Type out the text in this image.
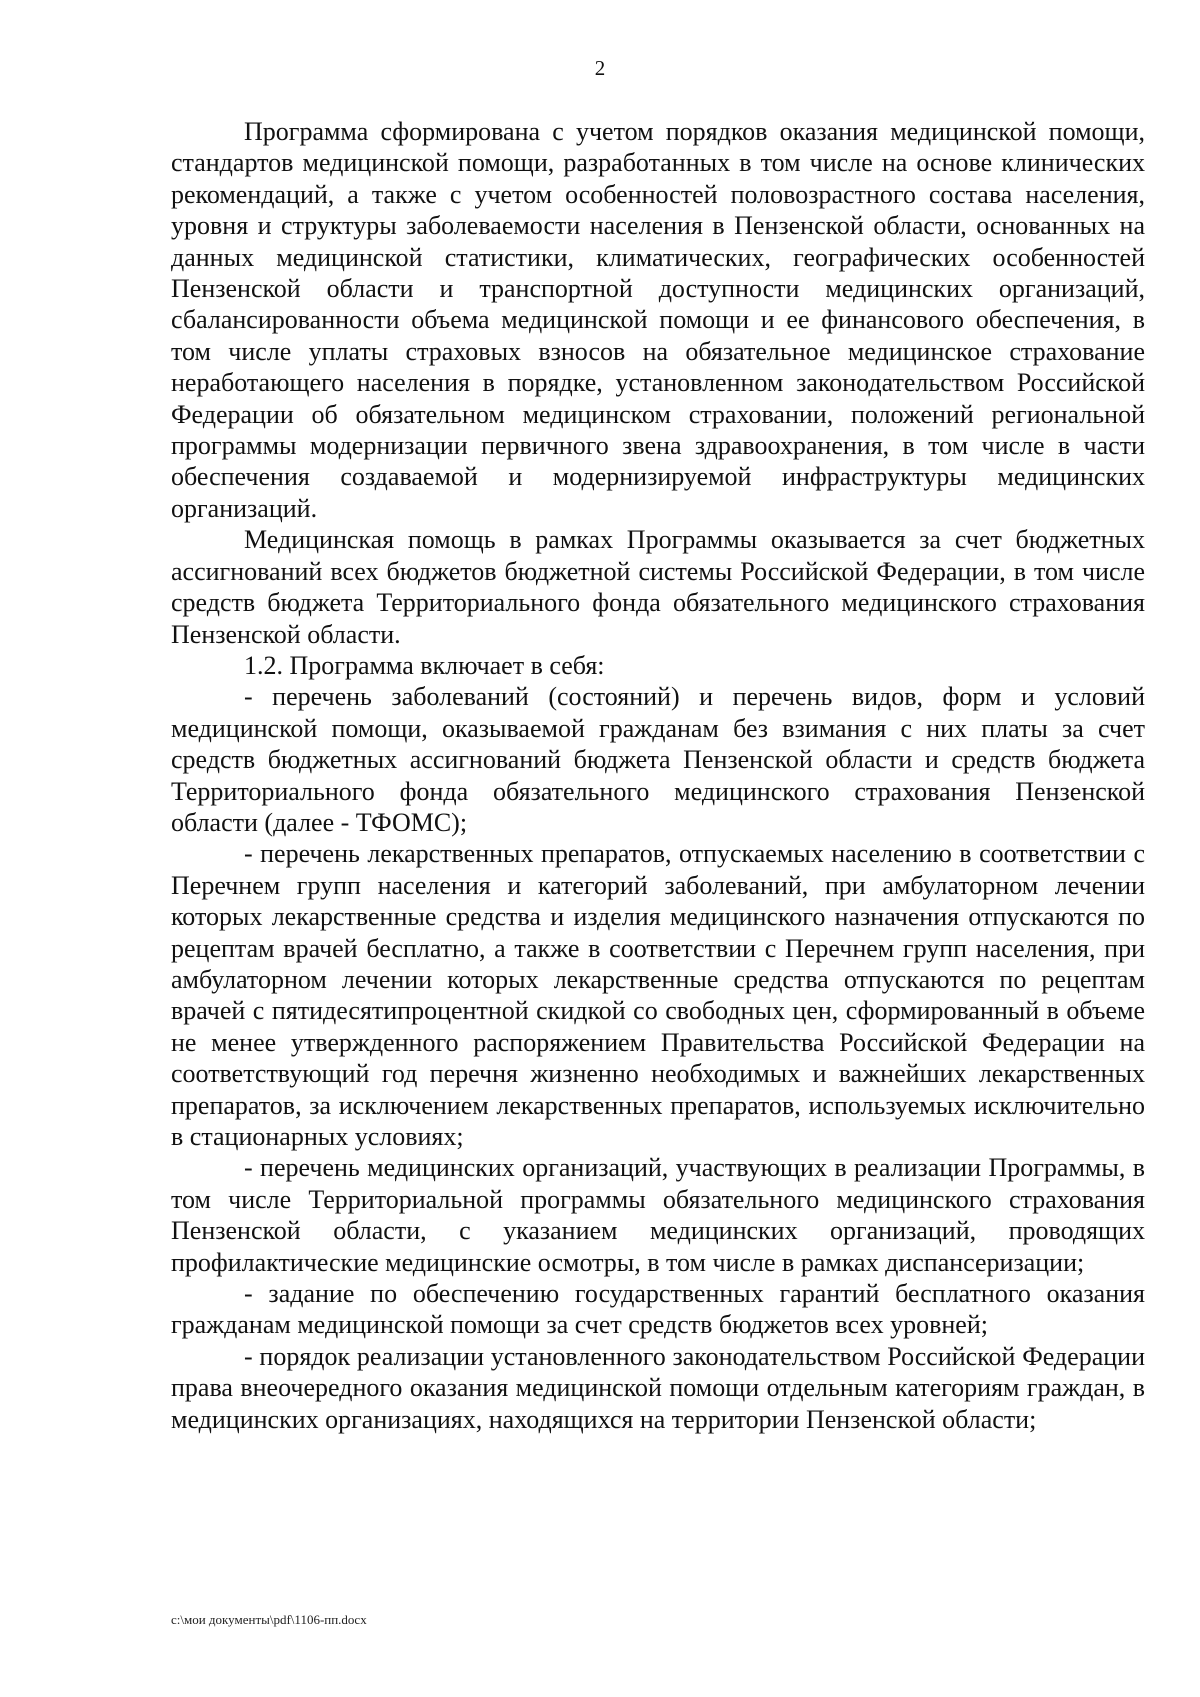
2

Программа сформирована с учетом порядков оказания медицинской помощи, стандартов медицинской помощи, разработанных в том числе на основе клинических рекомендаций, а также с учетом особенностей половозрастного состава населения, уровня и структуры заболеваемости населения в Пензенской области, основанных на данных медицинской статистики, климатических, географических особенностей Пензенской области и транспортной доступности медицинских организаций, сбалансированности объема медицинской помощи и ее финансового обеспечения, в том числе уплаты страховых взносов на обязательное медицинское страхование неработающего населения в порядке, установленном законодательством Российской Федерации об обязательном медицинском страховании, положений региональной программы модернизации первичного звена здравоохранения, в том числе в части обеспечения создаваемой и модернизируемой инфраструктуры медицинских организаций.

Медицинская помощь в рамках Программы оказывается за счет бюджетных ассигнований всех бюджетов бюджетной системы Российской Федерации, в том числе средств бюджета Территориального фонда обязательного медицинского страхования Пензенской области.

1.2. Программа включает в себя:

- перечень заболеваний (состояний) и перечень видов, форм и условий медицинской помощи, оказываемой гражданам без взимания с них платы за счет средств бюджетных ассигнований бюджета Пензенской области и средств бюджета Территориального фонда обязательного медицинского страхования Пензенской области (далее - ТФОМС);

- перечень лекарственных препаратов, отпускаемых населению в соответствии с Перечнем групп населения и категорий заболеваний, при амбулаторном лечении которых лекарственные средства и изделия медицинского назначения отпускаются по рецептам врачей бесплатно, а также в соответствии с Перечнем групп населения, при амбулаторном лечении которых лекарственные средства отпускаются по рецептам врачей с пятидесятипроцентной скидкой со свободных цен, сформированный в объеме не менее утвержденного распоряжением Правительства Российской Федерации на соответствующий год перечня жизненно необходимых и важнейших лекарственных препаратов, за исключением лекарственных препаратов, используемых исключительно в стационарных условиях;

- перечень медицинских организаций, участвующих в реализации Программы, в том числе Территориальной программы обязательного медицинского страхования Пензенской области, с указанием медицинских организаций, проводящих профилактические медицинские осмотры, в том числе в рамках диспансеризации;

- задание по обеспечению государственных гарантий бесплатного оказания гражданам медицинской помощи за счет средств бюджетов всех уровней;

- порядок реализации установленного законодательством Российской Федерации права внеочередного оказания медицинской помощи отдельным категориям граждан, в медицинских организациях, находящихся на территории Пензенской области;

c:\мои документы\pdf\1106-пп.docx
